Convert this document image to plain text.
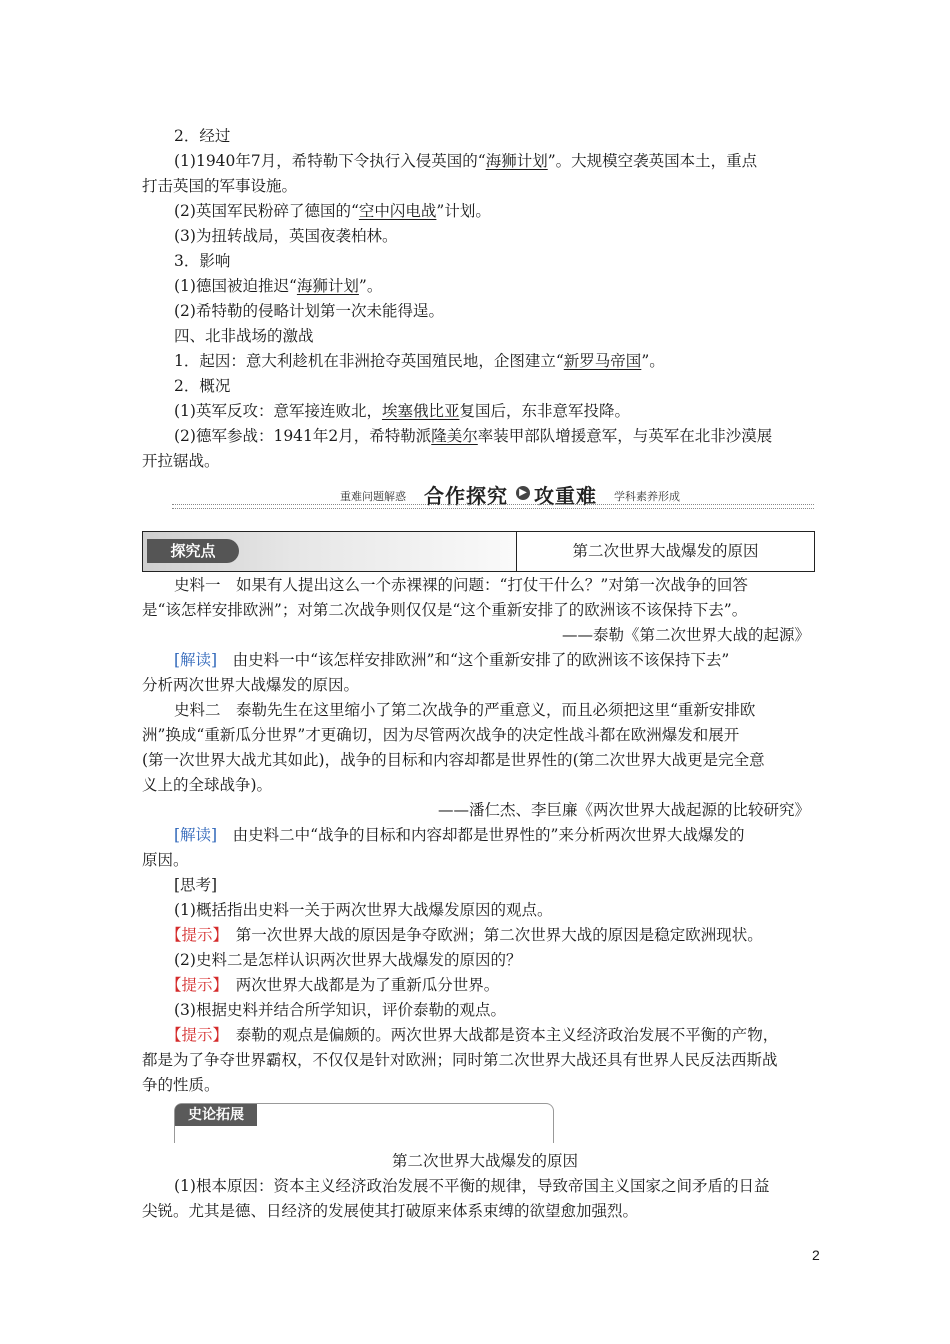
2．经过
(1)1940年7月，希特勒下令执行入侵英国的“海狮计划”。大规模空袭英国本土，重点
打击英国的军事设施。
(2)英国军民粉碎了德国的“空中闪电战”计划。
(3)为扭转战局，英国夜袭柏林。
3．影响
(1)德国被迫推迟“海狮计划”。
(2)希特勒的侵略计划第一次未能得逞。
四、北非战场的激战
1．起因：意大利趁机在非洲抢夺英国殖民地，企图建立“新罗马帝国”。
2．概况
(1)英军反攻：意军接连败北，埃塞俄比亚复国后，东非意军投降。
(2)德军参战：1941年2月，希特勒派隆美尔率装甲部队增援意军，与英军在北非沙漠展
开拉锯战。
重难问题解惑 合作探究	▶ 攻重难 学科素养形成
探究点	第二次世界大战爆发的原因
史料一　如果有人提出这么一个赤裸裸的问题：“打仗干什么？”对第一次战争的回答
是“该怎样安排欧洲”；对第二次战争则仅仅是“这个重新安排了的欧洲该不该保持下去”。
——泰勒《第二次世界大战的起源》
[解读]　由史料一中“该怎样安排欧洲”和“这个重新安排了的欧洲该不该保持下去”
分析两次世界大战爆发的原因。
史料二　泰勒先生在这里缩小了第二次战争的严重意义，而且必须把这里“重新安排欧
洲”换成“重新瓜分世界”才更确切，因为尽管两次战争的决定性战斗都在欧洲爆发和展开
(第一次世界大战尤其如此)，战争的目标和内容却都是世界性的(第二次世界大战更是完全意
义上的全球战争)。
——潘仁杰、李巨廉《两次世界大战起源的比较研究》
[解读]　由史料二中“战争的目标和内容却都是世界性的”来分析两次世界大战爆发的
原因。
[思考]
(1)概括指出史料一关于两次世界大战爆发原因的观点。
【提示】　第一次世界大战的原因是争夺欧洲；第二次世界大战的原因是稳定欧洲现状。
(2)史料二是怎样认识两次世界大战爆发的原因的？
【提示】　两次世界大战都是为了重新瓜分世界。
(3)根据史料并结合所学知识，评价泰勒的观点。
【提示】　泰勒的观点是偏颇的。两次世界大战都是资本主义经济政治发展不平衡的产物，
都是为了争夺世界霸权，不仅仅是针对欧洲；同时第二次世界大战还具有世界人民反法西斯战
争的性质。
史论拓展
第二次世界大战爆发的原因
(1)根本原因：资本主义经济政治发展不平衡的规律，导致帝国主义国家之间矛盾的日益
尖锐。尤其是德、日经济的发展使其打破原来体系束缚的欲望愈加强烈。
2
